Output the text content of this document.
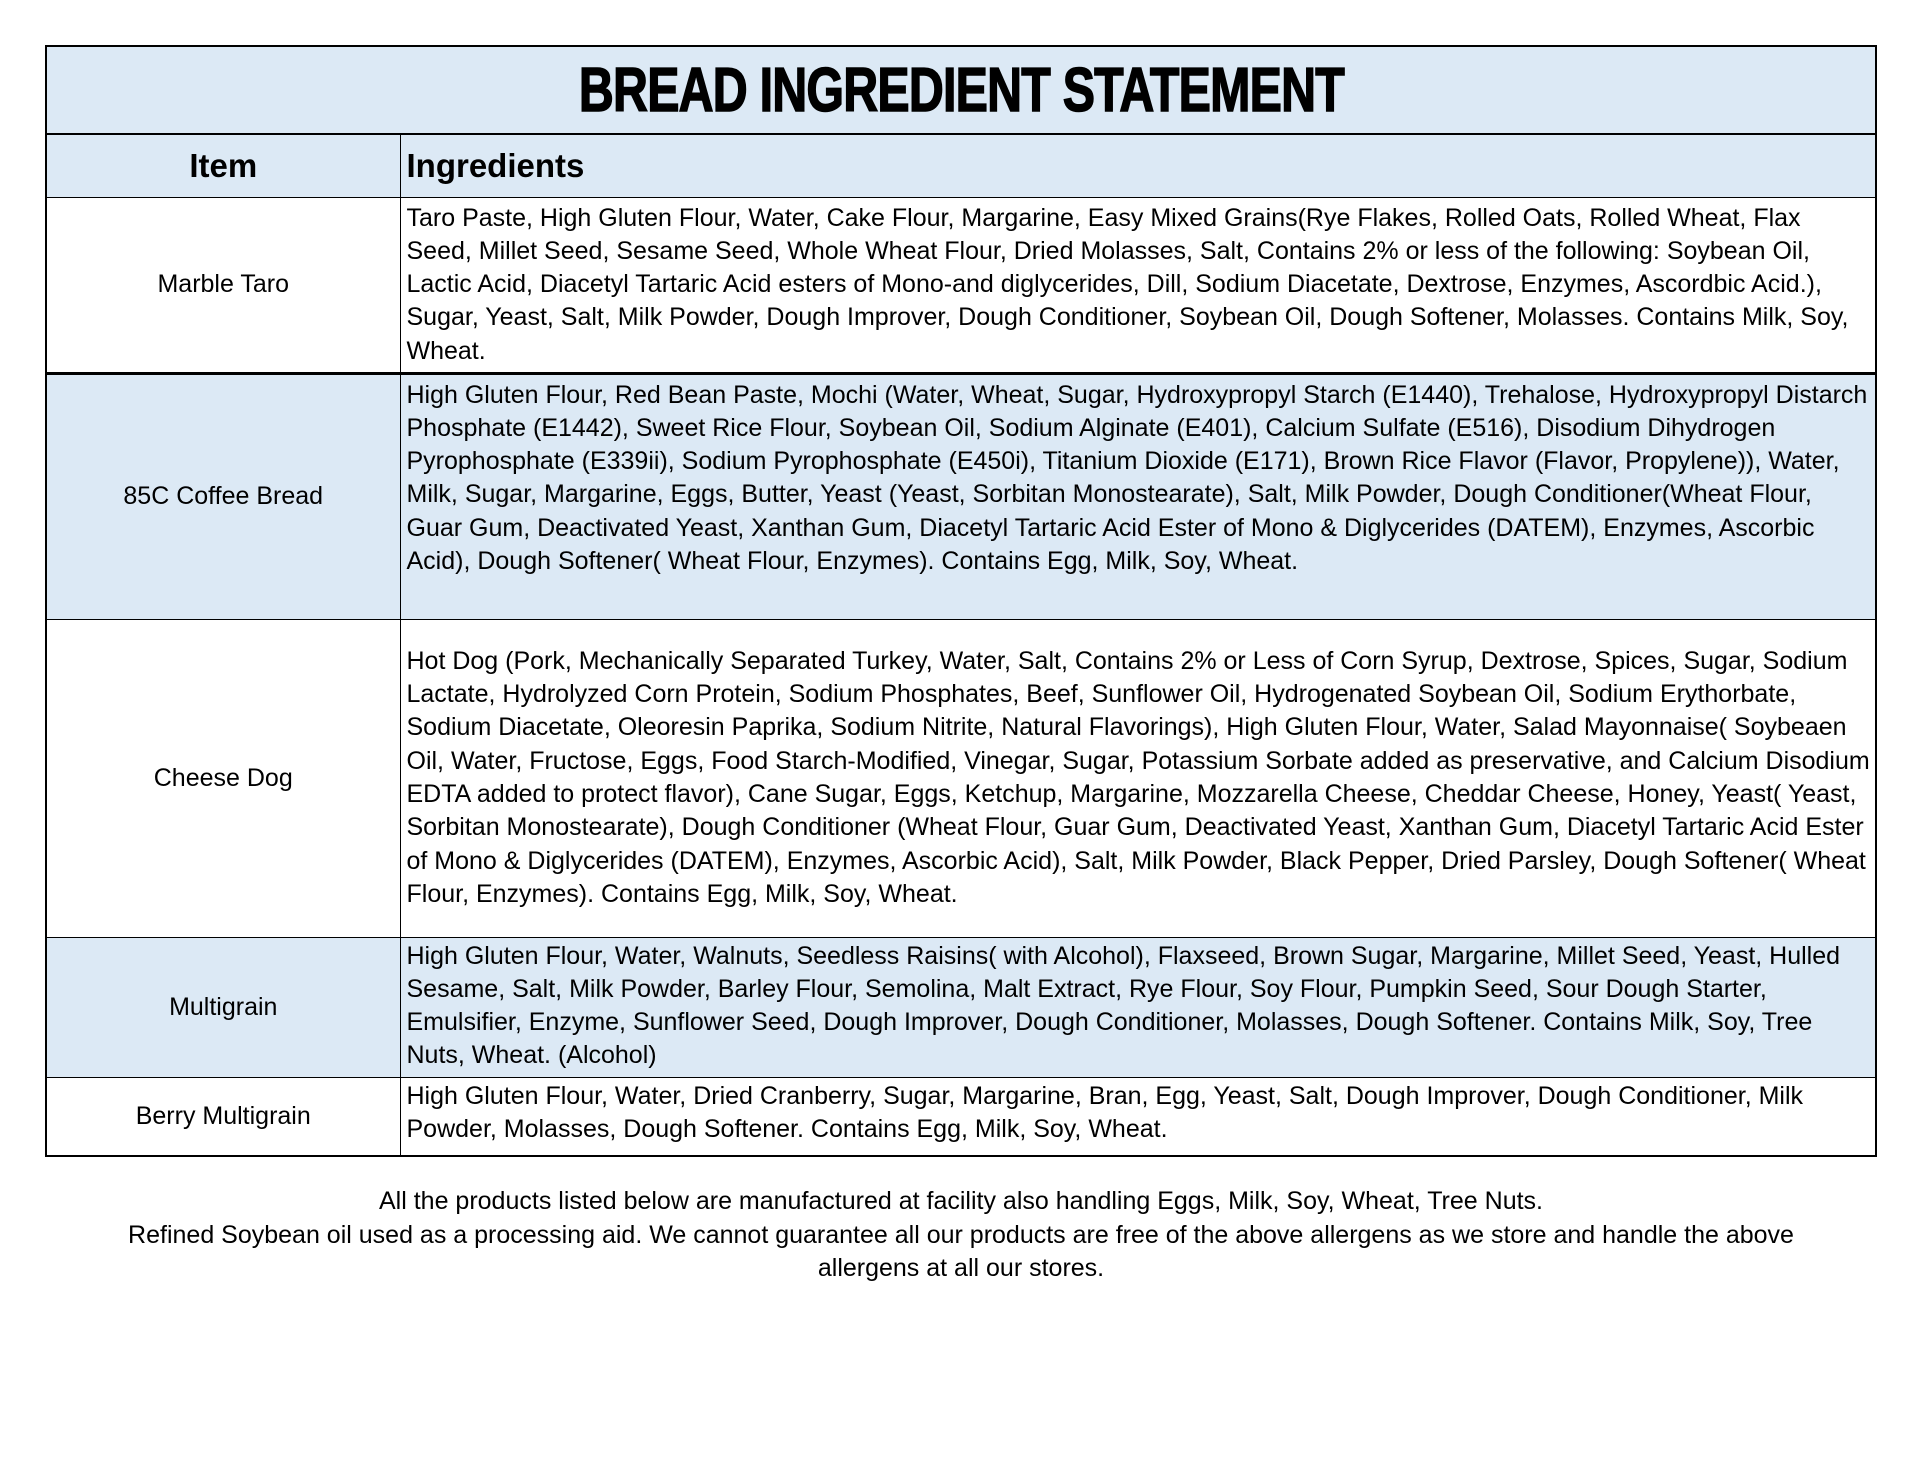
BREAD INGREDIENT STATEMENT
Item	Ingredients
Marble Taro	Taro Paste, High Gluten Flour, Water, Cake Flour, Margarine, Easy Mixed Grains(Rye Flakes, Rolled Oats, Rolled Wheat, Flax Seed, Millet Seed, Sesame Seed, Whole Wheat Flour, Dried Molasses, Salt, Contains 2% or less of the following: Soybean Oil, Lactic Acid, Diacetyl Tartaric Acid esters of Mono-and diglycerides, Dill, Sodium Diacetate, Dextrose, Enzymes, Ascordbic Acid.), Sugar, Yeast, Salt, Milk Powder, Dough Improver, Dough Conditioner, Soybean Oil, Dough Softener, Molasses. Contains Milk, Soy, Wheat.
85C Coffee Bread	High Gluten Flour, Red Bean Paste, Mochi (Water, Wheat, Sugar, Hydroxypropyl Starch (E1440), Trehalose, Hydroxypropyl Distarch Phosphate (E1442), Sweet Rice Flour, Soybean Oil, Sodium Alginate (E401), Calcium Sulfate (E516), Disodium Dihydrogen Pyrophosphate (E339ii), Sodium Pyrophosphate (E450i), Titanium Dioxide (E171), Brown Rice Flavor (Flavor, Propylene)), Water, Milk, Sugar, Margarine, Eggs, Butter, Yeast (Yeast, Sorbitan Monostearate), Salt, Milk Powder, Dough Conditioner(Wheat Flour, Guar Gum, Deactivated Yeast, Xanthan Gum, Diacetyl Tartaric Acid Ester of Mono & Diglycerides (DATEM), Enzymes, Ascorbic Acid), Dough Softener( Wheat Flour, Enzymes). Contains Egg, Milk, Soy, Wheat.
Cheese Dog	Hot Dog (Pork, Mechanically Separated Turkey, Water, Salt, Contains 2% or Less of Corn Syrup, Dextrose, Spices, Sugar, Sodium Lactate, Hydrolyzed Corn Protein, Sodium Phosphates, Beef, Sunflower Oil, Hydrogenated Soybean Oil, Sodium Erythorbate, Sodium Diacetate, Oleoresin Paprika, Sodium Nitrite, Natural Flavorings), High Gluten Flour, Water, Salad Mayonnaise( Soybeaen Oil, Water, Fructose, Eggs, Food Starch-Modified, Vinegar, Sugar, Potassium Sorbate added as preservative, and Calcium Disodium EDTA added to protect flavor), Cane Sugar, Eggs, Ketchup, Margarine, Mozzarella Cheese, Cheddar Cheese, Honey, Yeast( Yeast, Sorbitan Monostearate), Dough Conditioner (Wheat Flour, Guar Gum, Deactivated Yeast, Xanthan Gum, Diacetyl Tartaric Acid Ester of Mono & Diglycerides (DATEM), Enzymes, Ascorbic Acid), Salt, Milk Powder, Black Pepper, Dried Parsley, Dough Softener( Wheat Flour, Enzymes). Contains Egg, Milk, Soy, Wheat.
Multigrain	High Gluten Flour, Water, Walnuts, Seedless Raisins( with Alcohol), Flaxseed, Brown Sugar, Margarine, Millet Seed, Yeast, Hulled Sesame, Salt, Milk Powder, Barley Flour, Semolina, Malt Extract, Rye Flour, Soy Flour, Pumpkin Seed, Sour Dough Starter, Emulsifier, Enzyme, Sunflower Seed, Dough Improver, Dough Conditioner, Molasses, Dough Softener. Contains Milk, Soy, Tree Nuts, Wheat. (Alcohol)
Berry Multigrain	High Gluten Flour, Water, Dried Cranberry, Sugar, Margarine, Bran, Egg, Yeast, Salt, Dough Improver, Dough Conditioner, Milk Powder, Molasses, Dough Softener. Contains Egg, Milk, Soy, Wheat.
All the products listed below are manufactured at facility also handling Eggs, Milk, Soy, Wheat, Tree Nuts.
Refined Soybean oil used as a processing aid. We cannot guarantee all our products are free of the above allergens as we store and handle the above
allergens at all our stores.
